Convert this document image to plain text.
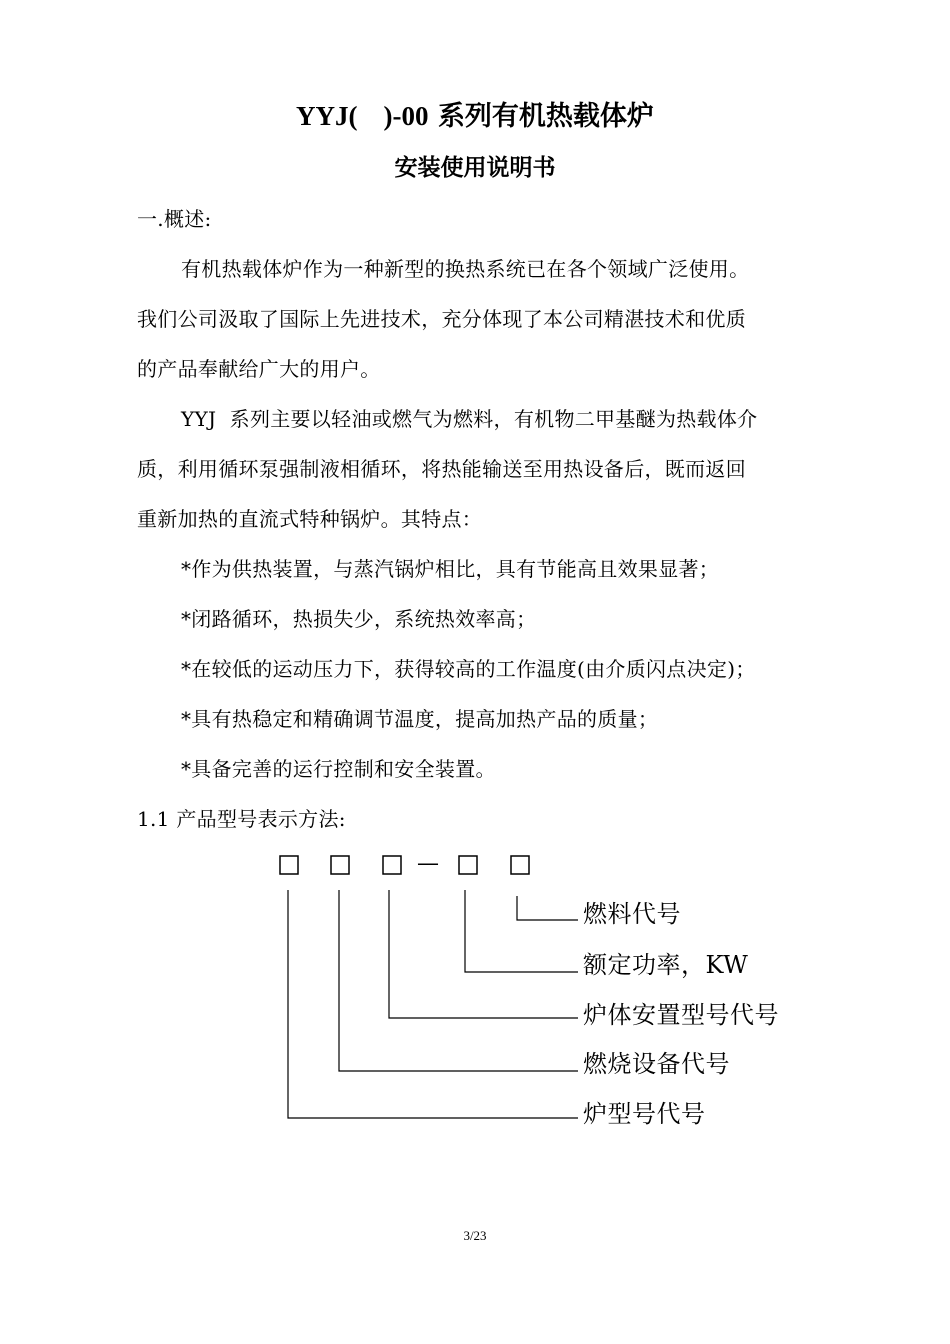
YYJ( )-00 系列有机热载体炉
安装使用说明书
一.概述:
有机热载体炉作为一种新型的换热系统已在各个领域广泛使用。
我们公司汲取了国际上先进技术，充分体现了本公司精湛技术和优质
的产品奉献给广大的用户。
YYJ  系列主要以轻油或燃气为燃料，有机物二甲基醚为热载体介
质，利用循环泵强制液相循环，将热能输送至用热设备后，既而返回
重新加热的直流式特种锅炉。其特点：
*作为供热装置，与蒸汽锅炉相比，具有节能高且效果显著；
*闭路循环，热损失少，系统热效率高；
*在较低的运动压力下，获得较高的工作温度(由介质闪点决定)；
*具有热稳定和精确调节温度，提高加热产品的质量；
*具备完善的运行控制和安全装置。
1.1 产品型号表示方法:
—
燃料代号
额定功率，KW
炉体安置型号代号
燃烧设备代号
炉型号代号
3/23
